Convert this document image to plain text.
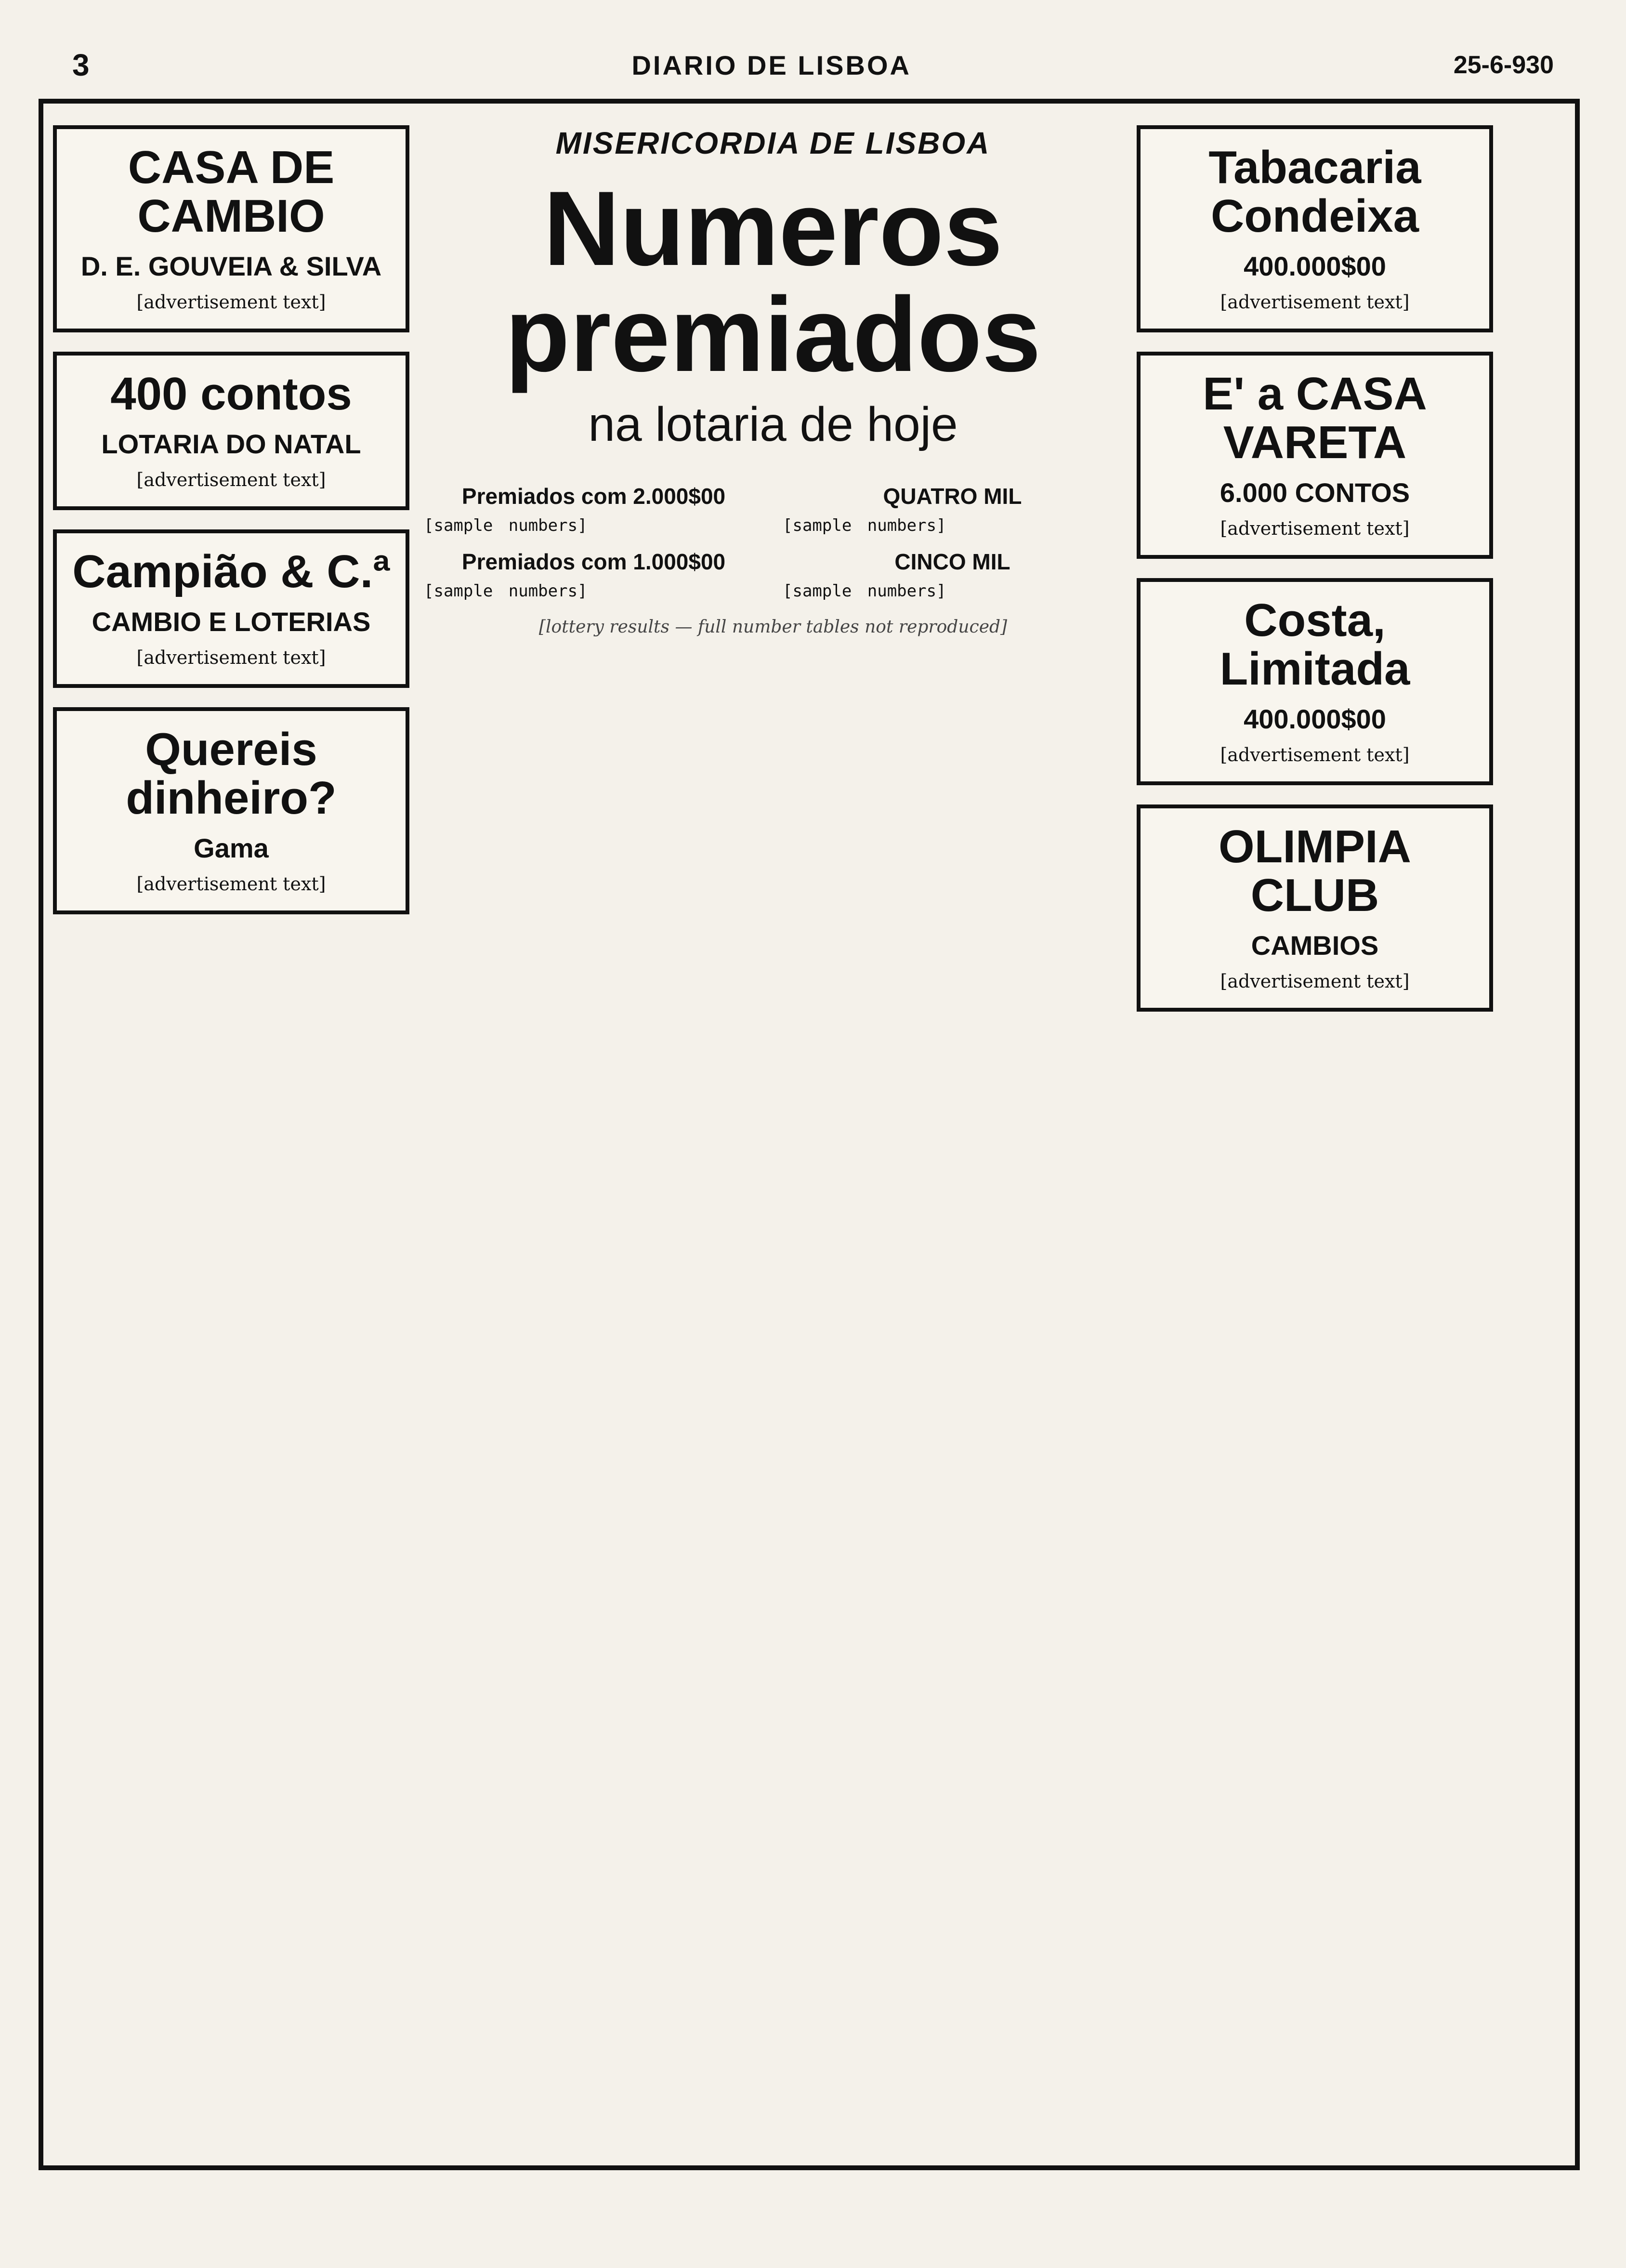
3	DIARIO DE LISBOA	25-6-930
CASA DE CAMBIO
D. E. GOUVEIA & SILVA
[advertisement text]
400 contos
LOTARIA DO NATAL
[advertisement text]
Campião & C.ª
CAMBIO E LOTERIAS
[advertisement text]
Quereis dinheiro?
Gama
[advertisement text]
MISERICORDIA DE LISBOA
Numeros premiados
na lotaria de hoje
Premiados com 2.000$00
[sample numbers]
Premiados com 1.000$00
[sample numbers]
QUATRO MIL
[sample numbers]
CINCO MIL
[sample numbers]
[lottery results — full number tables not reproduced]
Tabacaria Condeixa
400.000$00
[advertisement text]
E' a CASA VARETA
6.000 CONTOS
[advertisement text]
Costa, Limitada
400.000$00
[advertisement text]
OLIMPIA CLUB
CAMBIOS
[advertisement text]
